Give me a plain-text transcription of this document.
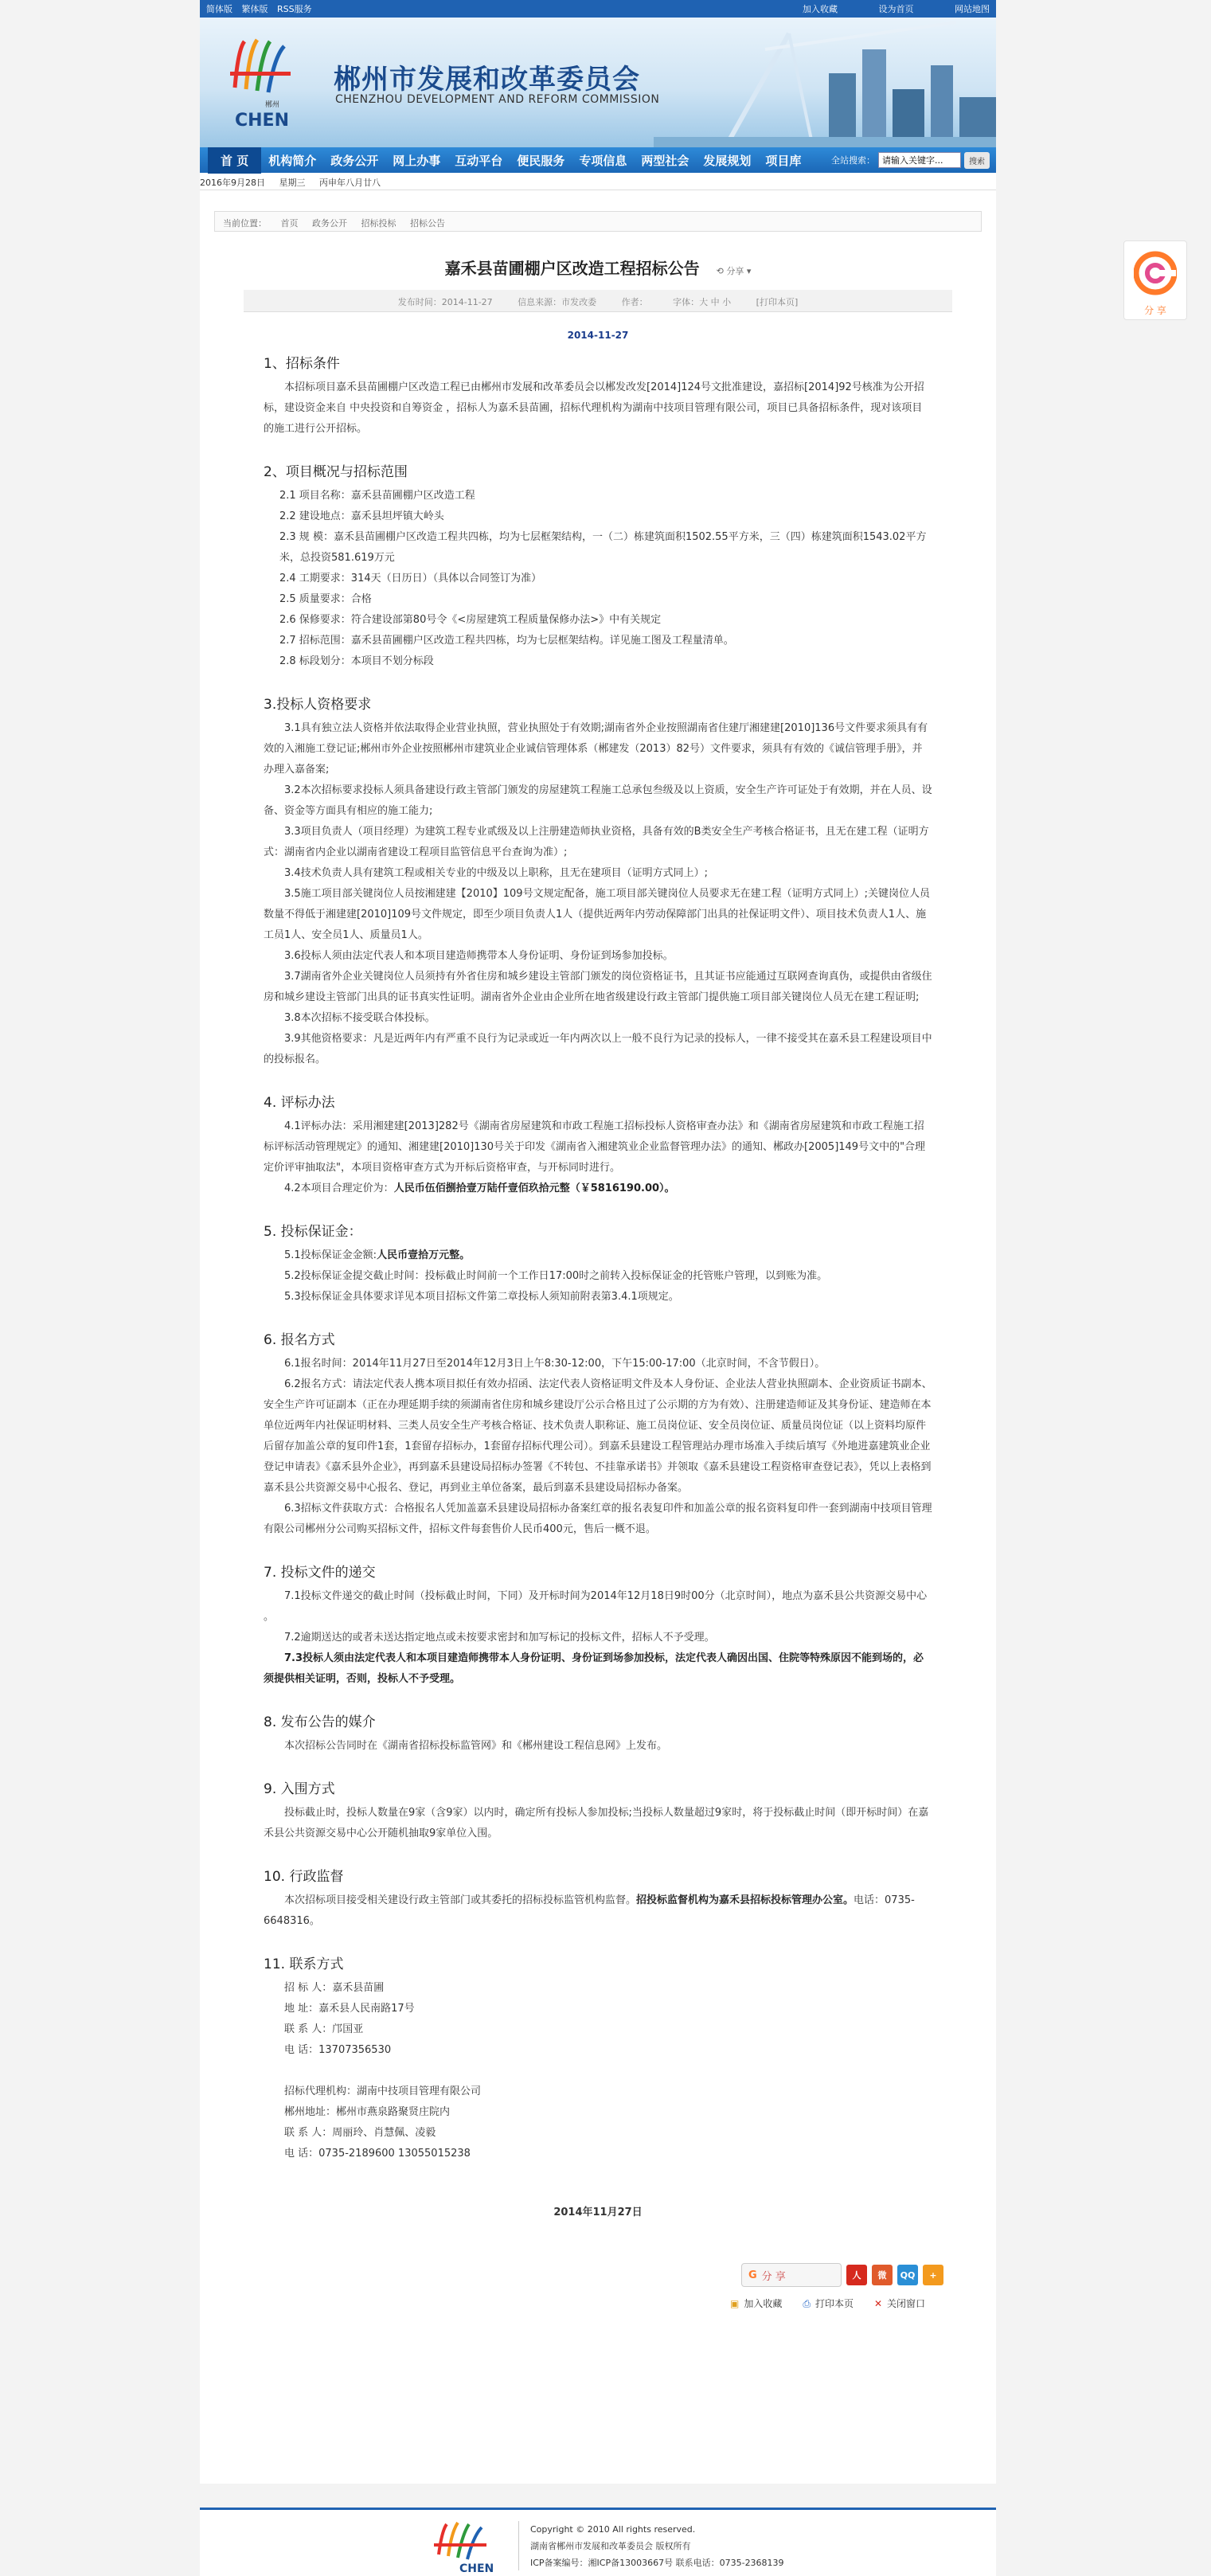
简体版 繁体版 RSS服务	加入收藏	设为首页	网站地图
郴州
CHEN
郴州市发展和改革委员会
CHENZHOU DEVELOPMENT AND REFORM COMMISSION
首 页	机构简介	政务公开	网上办事	互动平台	便民服务	专项信息	两型社会	发展规划	项目库	全站搜索：
请输入关键字...	搜索
2016年9月28日 星期三 丙申年八月廿八
当前位置： 首页 政务公开 招标投标 招标公告
嘉禾县苗圃棚户区改造工程招标公告 ⟲ 分享 ▾
发布时间：2014-11-27	信息来源：市发改委	作者：	字体：大 中 小	[打印本页]
2014-11-27
1、招标条件

本招标项目嘉禾县苗圃棚户区改造工程已由郴州市发展和改革委员会以郴发改发[2014]124号文批准建设，嘉招标[2014]92号核准为公开招标，建设资金来自 中央投资和自筹资金 ，招标人为嘉禾县苗圃，招标代理机构为湖南中技项目管理有限公司，项目已具备招标条件，现对该项目的施工进行公开招标。

2、项目概况与招标范围

2.1 项目名称：嘉禾县苗圃棚户区改造工程

2.2 建设地点：嘉禾县坦坪镇大岭头

2.3 规 模：嘉禾县苗圃棚户区改造工程共四栋，均为七层框架结构，一（二）栋建筑面积1502.55平方米，三（四）栋建筑面积1543.02平方米，总投资581.619万元

2.4 工期要求：314天（日历日）（具体以合同签订为准）

2.5 质量要求：合格

2.6 保修要求：符合建设部第80号令《<房屋建筑工程质量保修办法>》中有关规定

2.7 招标范围：嘉禾县苗圃棚户区改造工程共四栋，均为七层框架结构。详见施工图及工程量清单。

2.8 标段划分：本项目不划分标段

3.投标人资格要求

3.1具有独立法人资格并依法取得企业营业执照，营业执照处于有效期;湖南省外企业按照湖南省住建厅湘建建[2010]136号文件要求须具有有效的入湘施工登记证;郴州市外企业按照郴州市建筑业企业诚信管理体系（郴建发（2013）82号）文件要求，须具有有效的《诚信管理手册》，并办理入嘉备案;

3.2本次招标要求投标人须具备建设行政主管部门颁发的房屋建筑工程施工总承包叁级及以上资质，安全生产许可证处于有效期，并在人员、设备、资金等方面具有相应的施工能力;

3.3项目负责人（项目经理）为建筑工程专业贰级及以上注册建造师执业资格，具备有效的B类安全生产考核合格证书，且无在建工程（证明方式：湖南省内企业以湖南省建设工程项目监管信息平台查询为准）;

3.4技术负责人具有建筑工程或相关专业的中级及以上职称，且无在建项目（证明方式同上）;

3.5施工项目部关键岗位人员按湘建建【2010】109号文规定配备，施工项目部关键岗位人员要求无在建工程（证明方式同上）;关键岗位人员数量不得低于湘建建[2010]109号文件规定，即至少项目负责人1人（提供近两年内劳动保障部门出具的社保证明文件）、项目技术负责人1人、施工员1人、安全员1人、质量员1人。

3.6投标人须由法定代表人和本项目建造师携带本人身份证明、身份证到场参加投标。

3.7湖南省外企业关键岗位人员须持有外省住房和城乡建设主管部门颁发的岗位资格证书，且其证书应能通过互联网查询真伪，或提供由省级住房和城乡建设主管部门出具的证书真实性证明。湖南省外企业由企业所在地省级建设行政主管部门提供施工项目部关键岗位人员无在建工程证明;

3.8本次招标不接受联合体投标。

3.9其他资格要求：凡是近两年内有严重不良行为记录或近一年内两次以上一般不良行为记录的投标人，一律不接受其在嘉禾县工程建设项目中的投标报名。

4. 评标办法

4.1评标办法：采用湘建建[2013]282号《湖南省房屋建筑和市政工程施工招标投标人资格审查办法》和《湖南省房屋建筑和市政工程施工招标评标活动管理规定》的通知、湘建建[2010]130号关于印发《湖南省入湘建筑业企业监督管理办法》的通知、郴政办[2005]149号文中的"合理定价评审抽取法"，本项目资格审查方式为开标后资格审查，与开标同时进行。

4.2本项目合理定价为：人民币伍佰捌拾壹万陆仟壹佰玖拾元整（￥5816190.00）。

5. 投标保证金：

5.1投标保证金金额:人民币壹拾万元整。

5.2投标保证金提交截止时间：投标截止时间前一个工作日17:00时之前转入投标保证金的托管账户管理，以到账为准。

5.3投标保证金具体要求详见本项目招标文件第二章投标人须知前附表第3.4.1项规定。

6. 报名方式

6.1报名时间：2014年11月27日至2014年12月3日上午8:30-12:00，下午15:00-17:00（北京时间，不含节假日）。

6.2报名方式：请法定代表人携本项目拟任有效办招函、法定代表人资格证明文件及本人身份证、企业法人营业执照副本、企业资质证书副本、安全生产许可证副本（正在办理延期手续的须湖南省住房和城乡建设厅公示合格且过了公示期的方为有效）、注册建造师证及其身份证、建造师在本单位近两年内社保证明材料、三类人员安全生产考核合格证、技术负责人职称证、施工员岗位证、安全员岗位证、质量员岗位证（以上资料均原件后留存加盖公章的复印件1套，1套留存招标办，1套留存招标代理公司）。到嘉禾县建设工程管理站办理市场准入手续后填写《外地进嘉建筑业企业登记申请表》《嘉禾县外企业》，再到嘉禾县建设局招标办签署《不转包、不挂靠承诺书》并领取《嘉禾县建设工程资格审查登记表》，凭以上表格到嘉禾县公共资源交易中心报名、登记，再到业主单位备案，最后到嘉禾县建设局招标办备案。

6.3招标文件获取方式：合格报名人凭加盖嘉禾县建设局招标办备案红章的报名表复印件和加盖公章的报名资料复印件一套到湖南中技项目管理有限公司郴州分公司购买招标文件，招标文件每套售价人民币400元，售后一概不退。

7. 投标文件的递交

7.1投标文件递交的截止时间（投标截止时间，下同）及开标时间为2014年12月18日9时00分（北京时间），地点为嘉禾县公共资源交易中心 。

7.2逾期送达的或者未送达指定地点或未按要求密封和加写标记的投标文件，招标人不予受理。

7.3投标人须由法定代表人和本项目建造师携带本人身份证明、身份证到场参加投标，法定代表人确因出国、住院等特殊原因不能到场的，必须提供相关证明，否则，投标人不予受理。

8. 发布公告的媒介

本次招标公告同时在《湖南省招标投标监管网》和《郴州建设工程信息网》上发布。

9. 入围方式

投标截止时，投标人数量在9家（含9家）以内时，确定所有投标人参加投标;当投标人数量超过9家时，将于投标截止时间（即开标时间）在嘉禾县公共资源交易中心公开随机抽取9家单位入围。

10. 行政监督

本次招标项目接受相关建设行政主管部门或其委托的招标投标监管机构监督。招投标监督机构为嘉禾县招标投标管理办公室。电话：0735-6648316。

11. 联系方式

招 标 人：嘉禾县苗圃

地 址：嘉禾县人民南路17号

联 系 人：邝国亚

电 话：13707356530

招标代理机构：湖南中技项目管理有限公司

郴州地址：郴州市燕泉路聚贤庄院内

联 系 人：周丽玲、肖慧佩、凌毅

电 话：0735-2189600 13055015238

2014年11月27日
G 分 享	人	微	QQ	+
▣ 加入收藏 ⎙ 打印本页 ✕ 关闭窗口
CHEN
Copyright © 2010 All rights reserved.
湖南省郴州市发展和改革委员会 版权所有
ICP备案编号：湘ICP备13003667号 联系电话：0735-2368139
分 享
